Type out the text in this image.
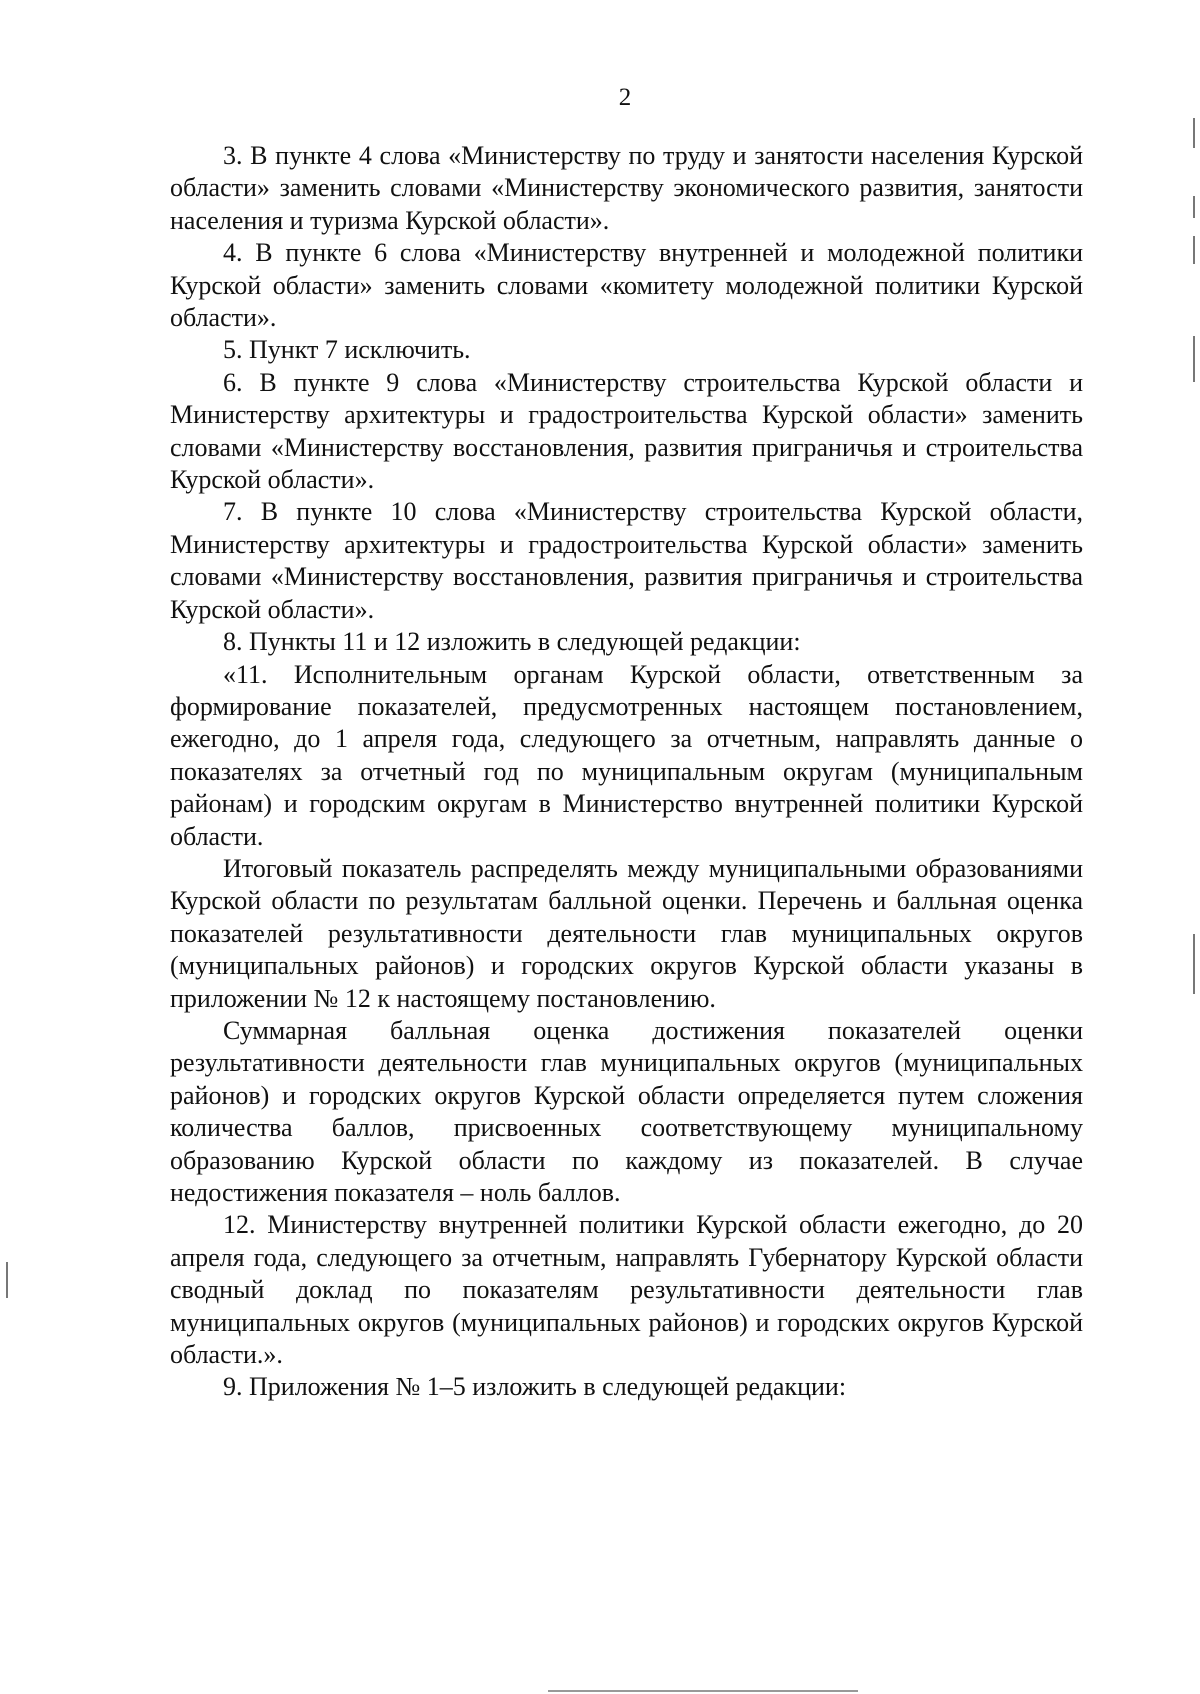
2

3. В пункте 4 слова «Министерству по труду и занятости населения Курской области» заменить словами «Министерству экономического развития, занятости населения и туризма Курской области».

4. В пункте 6 слова «Министерству внутренней и молодежной политики Курской области» заменить словами «комитету молодежной политики Курской области».

5. Пункт 7 исключить.

6. В пункте 9 слова «Министерству строительства Курской области и Министерству архитектуры и градостроительства Курской области» заменить словами «Министерству восстановления, развития приграничья и строительства Курской области».

7. В пункте 10 слова «Министерству строительства Курской области, Министерству архитектуры и градостроительства Курской области» заменить словами «Министерству восстановления, развития приграничья и строительства Курской области».

8. Пункты 11 и 12 изложить в следующей редакции:

«11. Исполнительным органам Курской области, ответственным за формирование показателей, предусмотренных настоящем постановлением, ежегодно, до 1 апреля года, следующего за отчетным, направлять данные о показателях за отчетный год по муниципальным округам (муниципальным районам) и городским округам в Министерство внутренней политики Курской области.

Итоговый показатель распределять между муниципальными образованиями Курской области по результатам балльной оценки. Перечень и балльная оценка показателей результативности деятельности глав муниципальных округов (муниципальных районов) и городских округов Курской области указаны в приложении № 12 к настоящему постановлению.

Суммарная балльная оценка достижения показателей оценки результативности деятельности глав муниципальных округов (муниципальных районов) и городских округов Курской области определяется путем сложения количества баллов, присвоенных соответствующему муниципальному образованию Курской области по каждому из показателей. В случае недостижения показателя – ноль баллов.

12. Министерству внутренней политики Курской области ежегодно, до 20 апреля года, следующего за отчетным, направлять Губернатору Курской области сводный доклад по показателям результативности деятельности глав муниципальных округов (муниципальных районов) и городских округов Курской области.».

9. Приложения № 1–5 изложить в следующей редакции:
